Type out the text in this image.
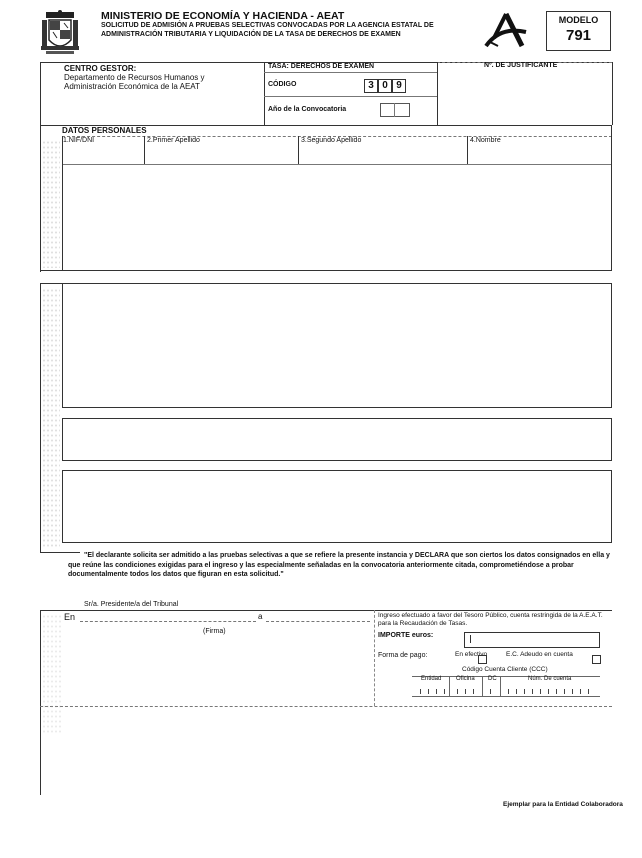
MINISTERIO DE ECONOMÍA Y HACIENDA - AEAT
SOLICITUD DE ADMISIÓN A PRUEBAS SELECTIVAS CONVOCADAS POR LA AGENCIA ESTATAL DE
ADMINISTRACIÓN TRIBUTARIA Y LIQUIDACIÓN DE LA TASA DE DERECHOS DE EXAMEN
MODELO
791
CENTRO GESTOR:
Departamento de Recursos Humanos y
Administración Económica de la AEAT
TASA: DERECHOS DE EXAMEN
CÓDIGO	3 0 9
Año de la Convocatoria
Nº. DE JUSTIFICANTE
DATOS PERSONALES
1.NIF/DNI	2.Primer Apellido	3.Segundo Apellido	4.Nombre
"El declarante solicita ser admitido a las pruebas selectivas a que se refiere la presente instancia y DECLARA que son ciertos los datos consignados en ella y
que reúne las condiciones exigidas para el ingreso y las especialmente señaladas en la convocatoria anteriormente citada, comprometiéndose a probar
documentalmente todos los datos que figuran en esta solicitud."
Sr/a. Presidente/a del Tribunal
En	a
(Firma)
Ingreso efectuado a favor del Tesoro Público, cuenta restringida de la A.E.A.T.
para la Recaudación de Tasas.
IMPORTE euros:
Forma de pago:	En efectivo	E.C. Adeudo en cuenta
Código Cuenta Cliente (CCC)
Entidad Oficina DC	Núm. De cuenta
Ejemplar para la Entidad Colaboradora
